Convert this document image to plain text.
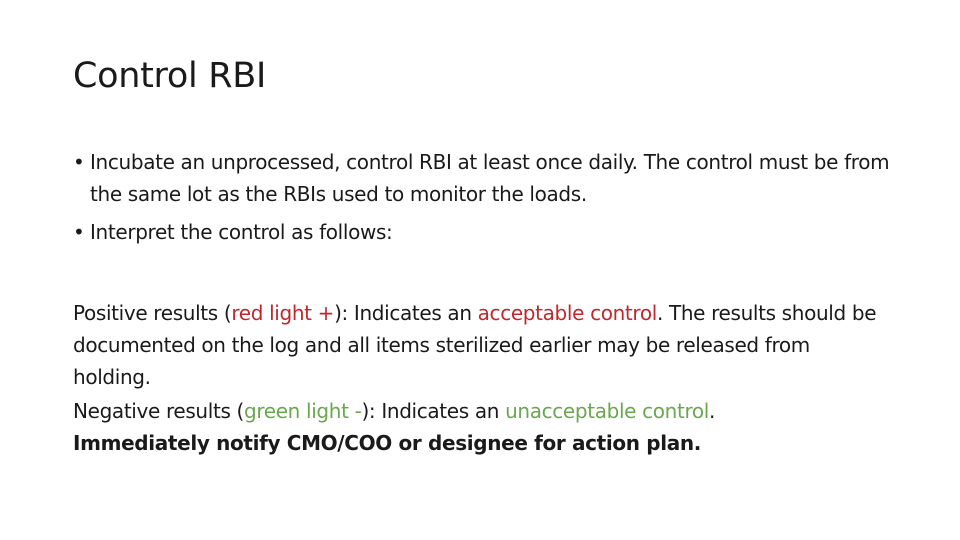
Control RBI
• Incubate an unprocessed, control RBI at least once daily. The control must be from the same lot as the RBIs used to monitor the loads.
• Interpret the control as follows:

Positive results (red light +): Indicates an acceptable control. The results should be documented on the log and all items sterilized earlier may be released from holding.

Negative results (green light -): Indicates an unacceptable control.
Immediately notify CMO/COO or designee for action plan.
